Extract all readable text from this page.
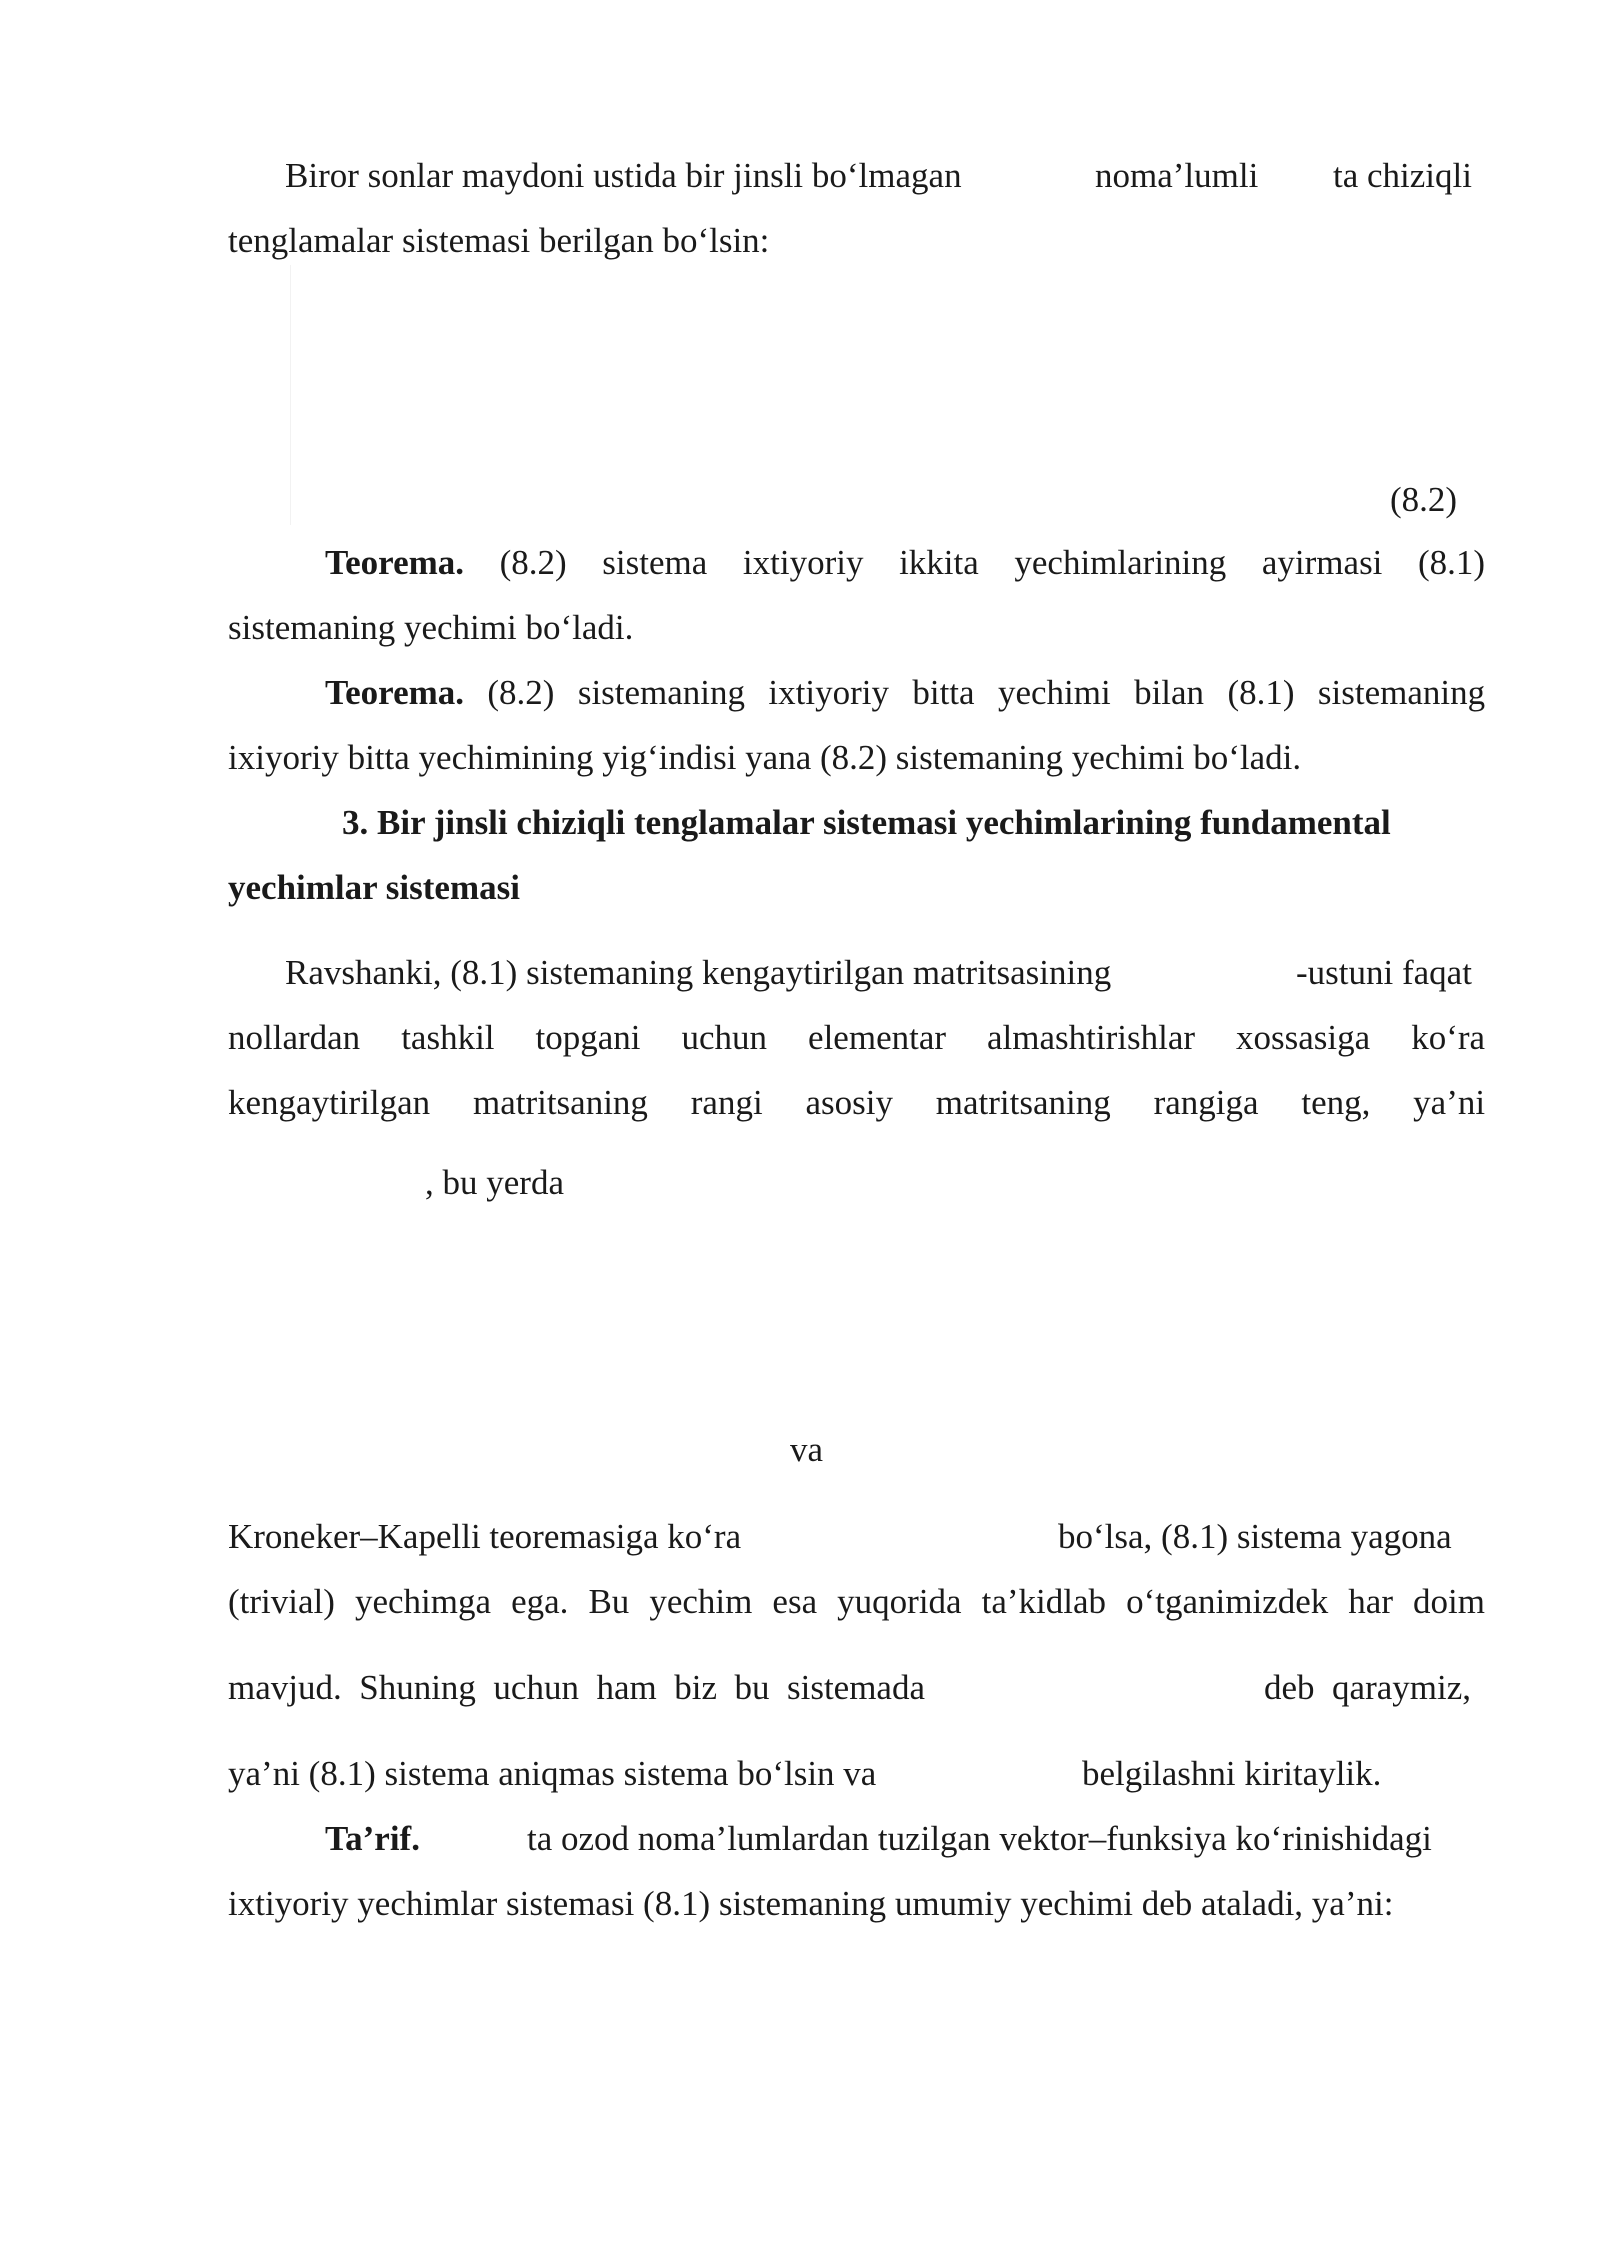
Biror sonlar maydoni ustida bir jinsli bo‘lmagan	noma’lumli ta chiziqli
tenglamalar sistemasi berilgan bo‘lsin:
(8.2)
Teorema. (8.2) sistema ixtiyoriy ikkita yechimlarining ayirmasi (8.1)
sistemaning yechimi bo‘ladi.
Teorema. (8.2) sistemaning ixtiyoriy bitta yechimi bilan (8.1) sistemaning
ixiyoriy bitta yechimining yig‘indisi yana (8.2) sistemaning yechimi bo‘ladi.
3. Bir jinsli chiziqli tenglamalar sistemasi yechimlarining fundamental
yechimlar sistemasi
Ravshanki, (8.1) sistemaning kengaytirilgan matritsasining	-ustuni faqat
nollardan tashkil topgani uchun elementar almashtirishlar xossasiga ko‘ra
kengaytirilgan matritsaning rangi asosiy matritsaning rangiga teng, ya’ni
, bu yerda
va
Kroneker–Kapelli teoremasiga ko‘ra	bo‘lsa, (8.1) sistema yagona
(trivial) yechimga ega. Bu yechim esa yuqorida ta’kidlab o‘tganimizdek har doim
mavjud.  Shuning  uchun  ham  biz  bu  sistemada	deb  qaraymiz,
ya’ni (8.1) sistema aniqmas sistema bo‘lsin va	belgilashni kiritaylik.
Ta’rif.	ta ozod noma’lumlardan tuzilgan vektor–funksiya ko‘rinishidagi
ixtiyoriy yechimlar sistemasi (8.1) sistemaning umumiy yechimi deb ataladi, ya’ni:
